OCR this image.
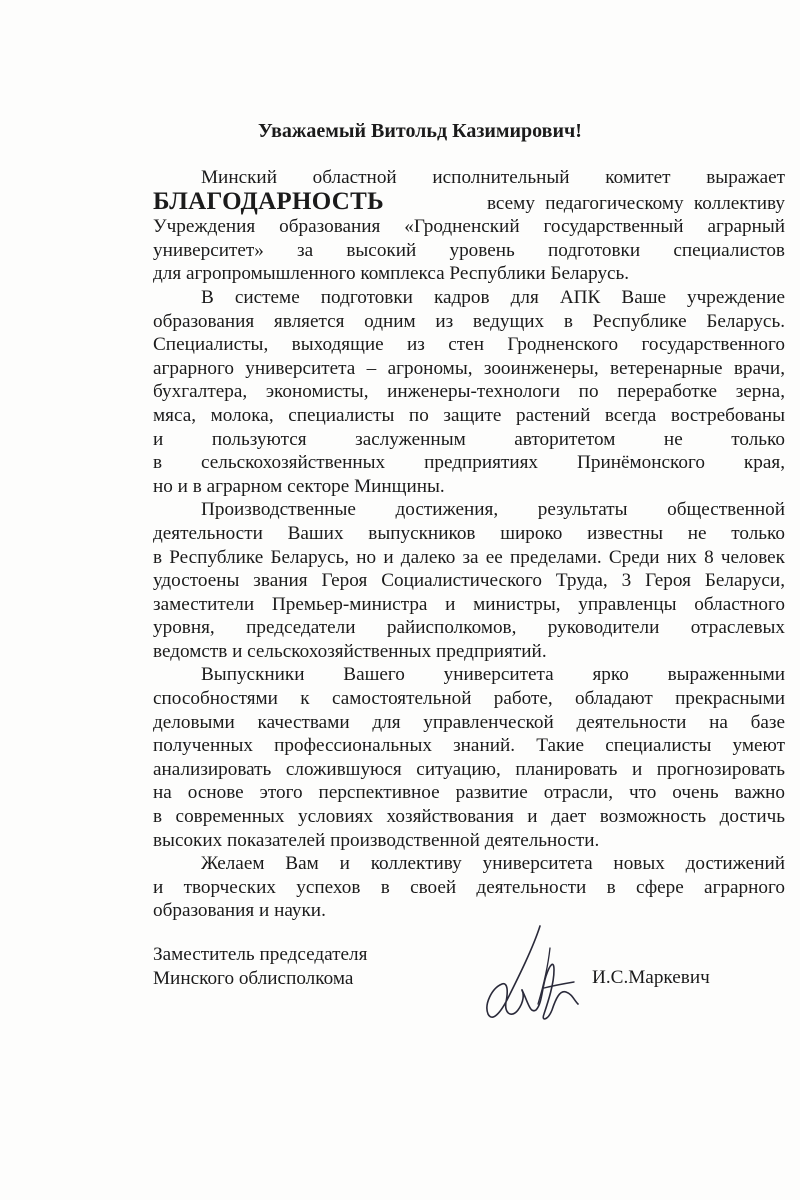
Уважаемый Витольд Казимирович!
Минский областной исполнительный комитет выражает
БЛАГОДАРНОСТЬ	всему педагогическому коллективу
Учреждения образования «Гродненский государственный аграрный
университет» за высокий уровень подготовки специалистов
для агропромышленного комплекса Республики Беларусь.
В системе подготовки кадров для АПК Ваше учреждение
образования является одним из ведущих в Республике Беларусь.
Специалисты, выходящие из стен Гродненского государственного
аграрного университета – агрономы, зооинженеры, ветеренарные врачи,
бухгалтера, экономисты, инженеры-технологи по переработке зерна,
мяса, молока, специалисты по защите растений всегда востребованы
и пользуются заслуженным авторитетом не только
в сельскохозяйственных предприятиях Принёмонского края,
но и в аграрном секторе Минщины.
Производственные достижения, результаты общественной
деятельности Ваших выпускников широко известны не только
в Республике Беларусь, но и далеко за ее пределами. Среди них 8 человек
удостоены звания Героя Социалистического Труда, 3 Героя Беларуси,
заместители Премьер-министра и министры, управленцы областного
уровня, председатели райисполкомов, руководители отраслевых
ведомств и сельскохозяйственных предприятий.
Выпускники Вашего университета ярко выраженными
способностями к самостоятельной работе, обладают прекрасными
деловыми качествами для управленческой деятельности на базе
полученных профессиональных знаний. Такие специалисты умеют
анализировать сложившуюся ситуацию, планировать и прогнозировать
на основе этого перспективное развитие отрасли, что очень важно
в современных условиях хозяйствования и дает возможность достичь
высоких показателей производственной деятельности.
Желаем Вам и коллективу университета новых достижений
и творческих успехов в своей деятельности в сфере аграрного
образования и науки.
Заместитель председателя
Минского облисполкома	И.С.Маркевич
